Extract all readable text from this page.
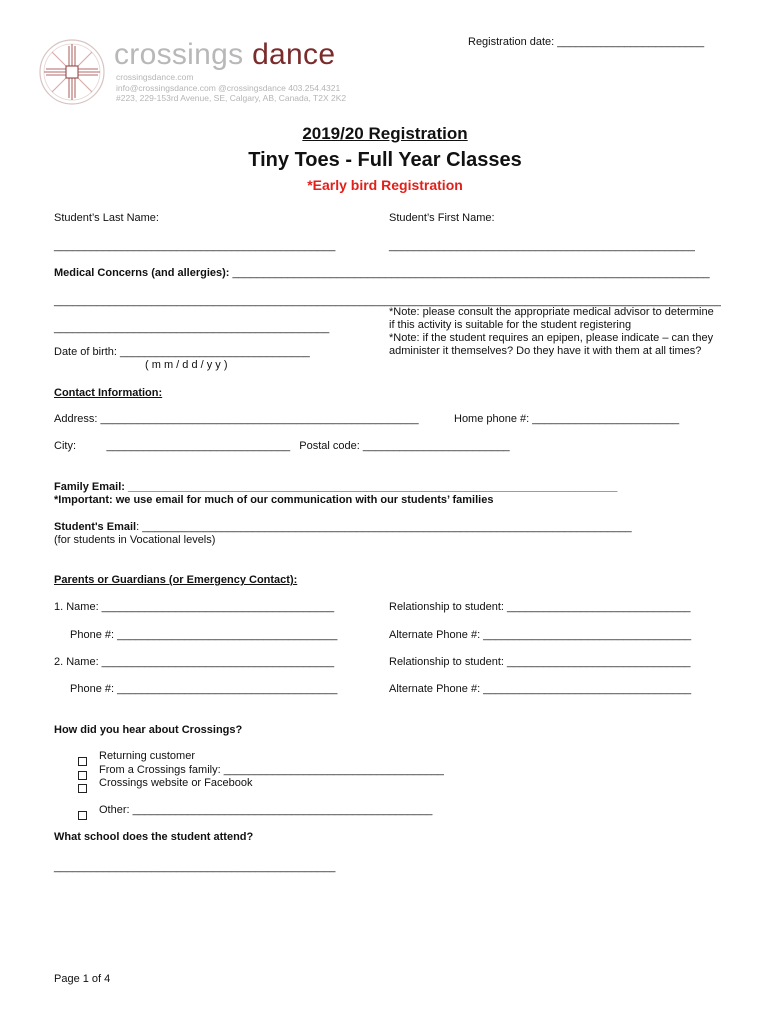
Registration date: ________________________
crossings dance
crossingsdance.com
info@crossingsdance.com @crossingsdance 403.254.4321
#223, 229-153rd Avenue, SE, Calgary, AB, Canada, T2X 2K2
2019/20 Registration
Tiny Toes - Full Year Classes
*Early bird Registration
Student’s Last Name:	Student’s First Name:
______________________________________________	__________________________________________________
Medical Concerns (and allergies): ______________________________________________________________________________
_____________________________________________________________________________________________________________
_____________________________________________
Date of birth: _______________________________
( m m / d d / y y )
*Note: please consult the appropriate medical advisor to determine
if this activity is suitable for the student registering
*Note: if the student requires an epipen, please indicate – can they
administer it themselves? Do they have it with them at all times?
Contact Information:
Address: ____________________________________________________	Home phone #: ________________________
City:          ______________________________   Postal code: ________________________
Family Email: ________________________________________________________________________________
*Important: we use email for much of our communication with our students’ families
Student's Email: ________________________________________________________________________________
(for students in Vocational levels)
Parents or Guardians (or Emergency Contact):
1. Name: ______________________________________	Relationship to student: ______________________________
Phone #: ____________________________________	Alternate Phone #: __________________________________
2. Name: ______________________________________	Relationship to student: ______________________________
Phone #: ____________________________________	Alternate Phone #: __________________________________
How did you hear about Crossings?
Returning customer
From a Crossings family: ____________________________________
Crossings website or Facebook
Other: _________________________________________________
What school does the student attend?
______________________________________________
Page 1 of 4
